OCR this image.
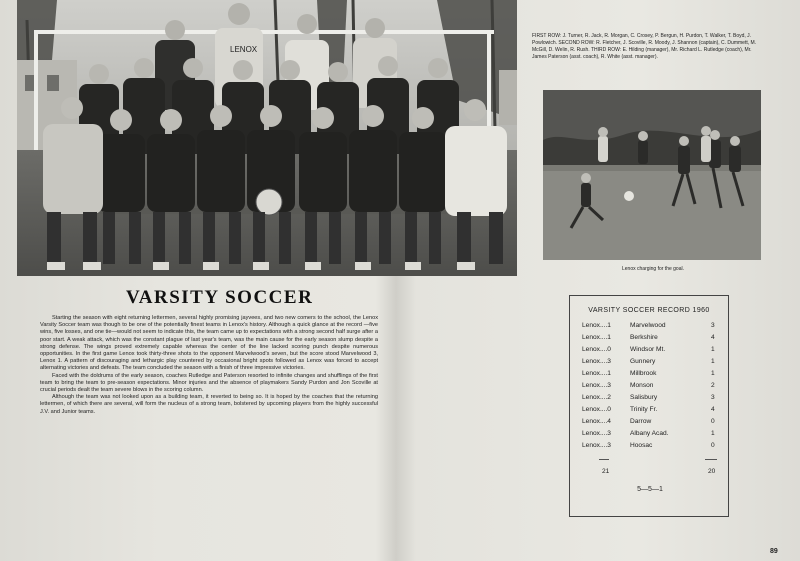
LENOX
FIRST ROW: J. Turner, R. Jack, R. Morgan, C. Crosey, P. Bergun, H. Purdon, T. Walker, T. Boyd, J. Powlowich. SECOND ROW: R. Fletcher, J. Scoville, R. Moody, J. Shannon (captain), C. Dummett, M. McGill, D. Welin, R. Rush. THIRD ROW: E. Hilding (manager), Mr. Richard L. Rutledge (coach), Mr. James Paterson (asst. coach), R. White (asst. manager).
Lenox charging for the goal.
VARSITY SOCCER

Starting the season with eight returning lettermen, several highly promising jayvees, and two new comers to the school, the Lenox Varsity Soccer team was though to be one of the potentially finest teams in Lenox's history. Although a quick glance at the record —five wins, five losses, and one tie—would not seem to indicate this, the team came up to expectations with a strong second half surge after a poor start. A weak attack, which was the constant plague of last year's team, was the main cause for the early season slump despite a strong defense. The wings proved extremely capable whereas the center of the line lacked scoring punch despite numerous opportunities. In the first game Lenox took thirty-three shots to the opponent Marvelwood's seven, but the score stood Marvelwood 3, Lenox 1. A pattern of discouraging and lethargic play countered by occasional bright spots followed as Lenox was forced to accept alternating victories and defeats. The team concluded the season with a finish of three impressive victories.

Faced with the doldrums of the early season, coaches Rutledge and Paterson resorted to infinite changes and shufflings of the first team to bring the team to pre-season expectations. Minor injuries and the absence of playmakers Sandy Purdon and Jon Scoville at crucial periods dealt the team severe blows in the scoring column.

Although the team was not looked upon as a building team, it reverted to being so. It is hoped by the coaches that the returning lettermen, of which there are several, will form the nucleus of a strong team, bolstered by upcoming players from the highly successful J.V. and Junior teams.

VARSITY SOCCER RECORD 1960
Lenox....1	Marvelwood	3
Lenox....1	Berkshire	4
Lenox....0	Windsor Mt.	1
Lenox....3	Gunnery	1
Lenox....1	Millbrook	1
Lenox....3	Monson	2
Lenox....2	Salisbury	3
Lenox....0	Trinity Fr.	4
Lenox....4	Darrow	0
Lenox....3	Albany Acad.	1
Lenox....3	Hoosac	0
21	20
5—5—1
89
